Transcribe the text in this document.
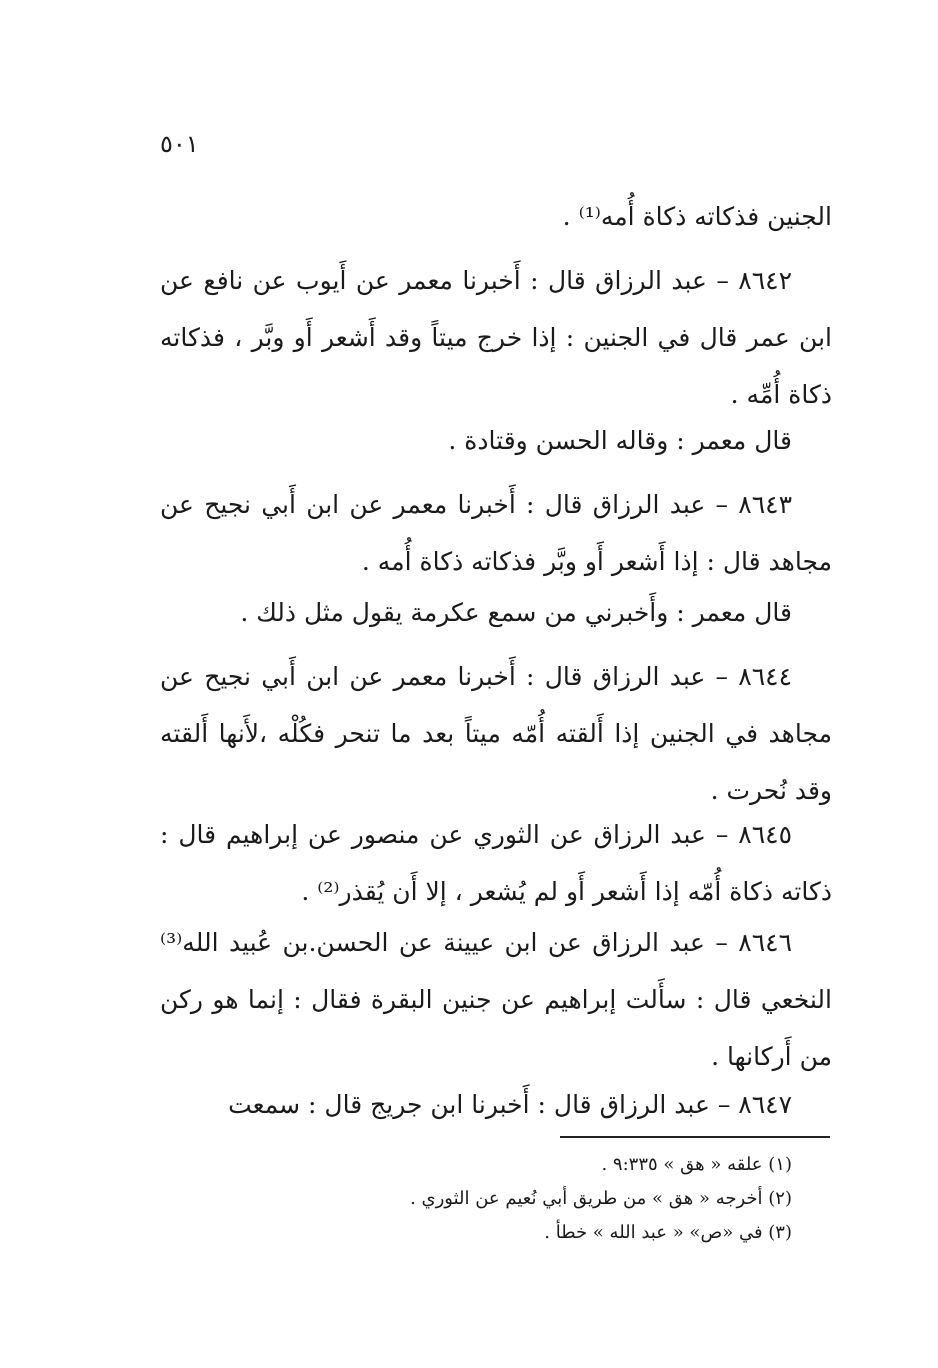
٥٠١

الجنين فذكاته ذكاة أُمه⁽¹⁾ .

٨٦٤٢ – عبد الرزاق قال : أَخبرنا معمر عن أَيوب عن نافع عن ابن عمر قال في الجنين : إذا خرج ميتاً وقد أَشعر أَو وبَّر ، فذكاته ذكاة أُمِّه .

قال معمر : وقاله الحسن وقتادة .

٨٦٤٣ – عبد الرزاق قال : أَخبرنا معمر عن ابن أَبي نجيح عن مجاهد قال : إذا أَشعر أَو وبَّر فذكاته ذكاة أُمه .

قال معمر : وأَخبرني من سمع عكرمة يقول مثل ذلك .

٨٦٤٤ – عبد الرزاق قال : أَخبرنا معمر عن ابن أَبي نجيح عن مجاهد في الجنين إذا أَلقته أُمّه ميتاً بعد ما تنحر فكُلْه ،لأَنها أَلقته وقد نُحرت .

٨٦٤٥ – عبد الرزاق عن الثوري عن منصور عن إبراهيم قال : ذكاته ذكاة أُمّه إذا أَشعر أَو لم يُشعر ، إلا أَن يُقذر⁽²⁾ .

٨٦٤٦ – عبد الرزاق عن ابن عيينة عن الحسن.بن عُبيد الله⁽³⁾ النخعي قال : سأَلت إبراهيم عن جنين البقرة فقال : إنما هو ركن من أَركانها .

٨٦٤٧ – عبد الرزاق قال : أَخبرنا ابن جريج قال : سمعت

(١) علقه « هق » ٩:٣٣٥ .

(٢) أخرجه « هق » من طريق أبي نُعيم عن الثوري .

(٣) في «ص» « عبد الله » خطأ .
